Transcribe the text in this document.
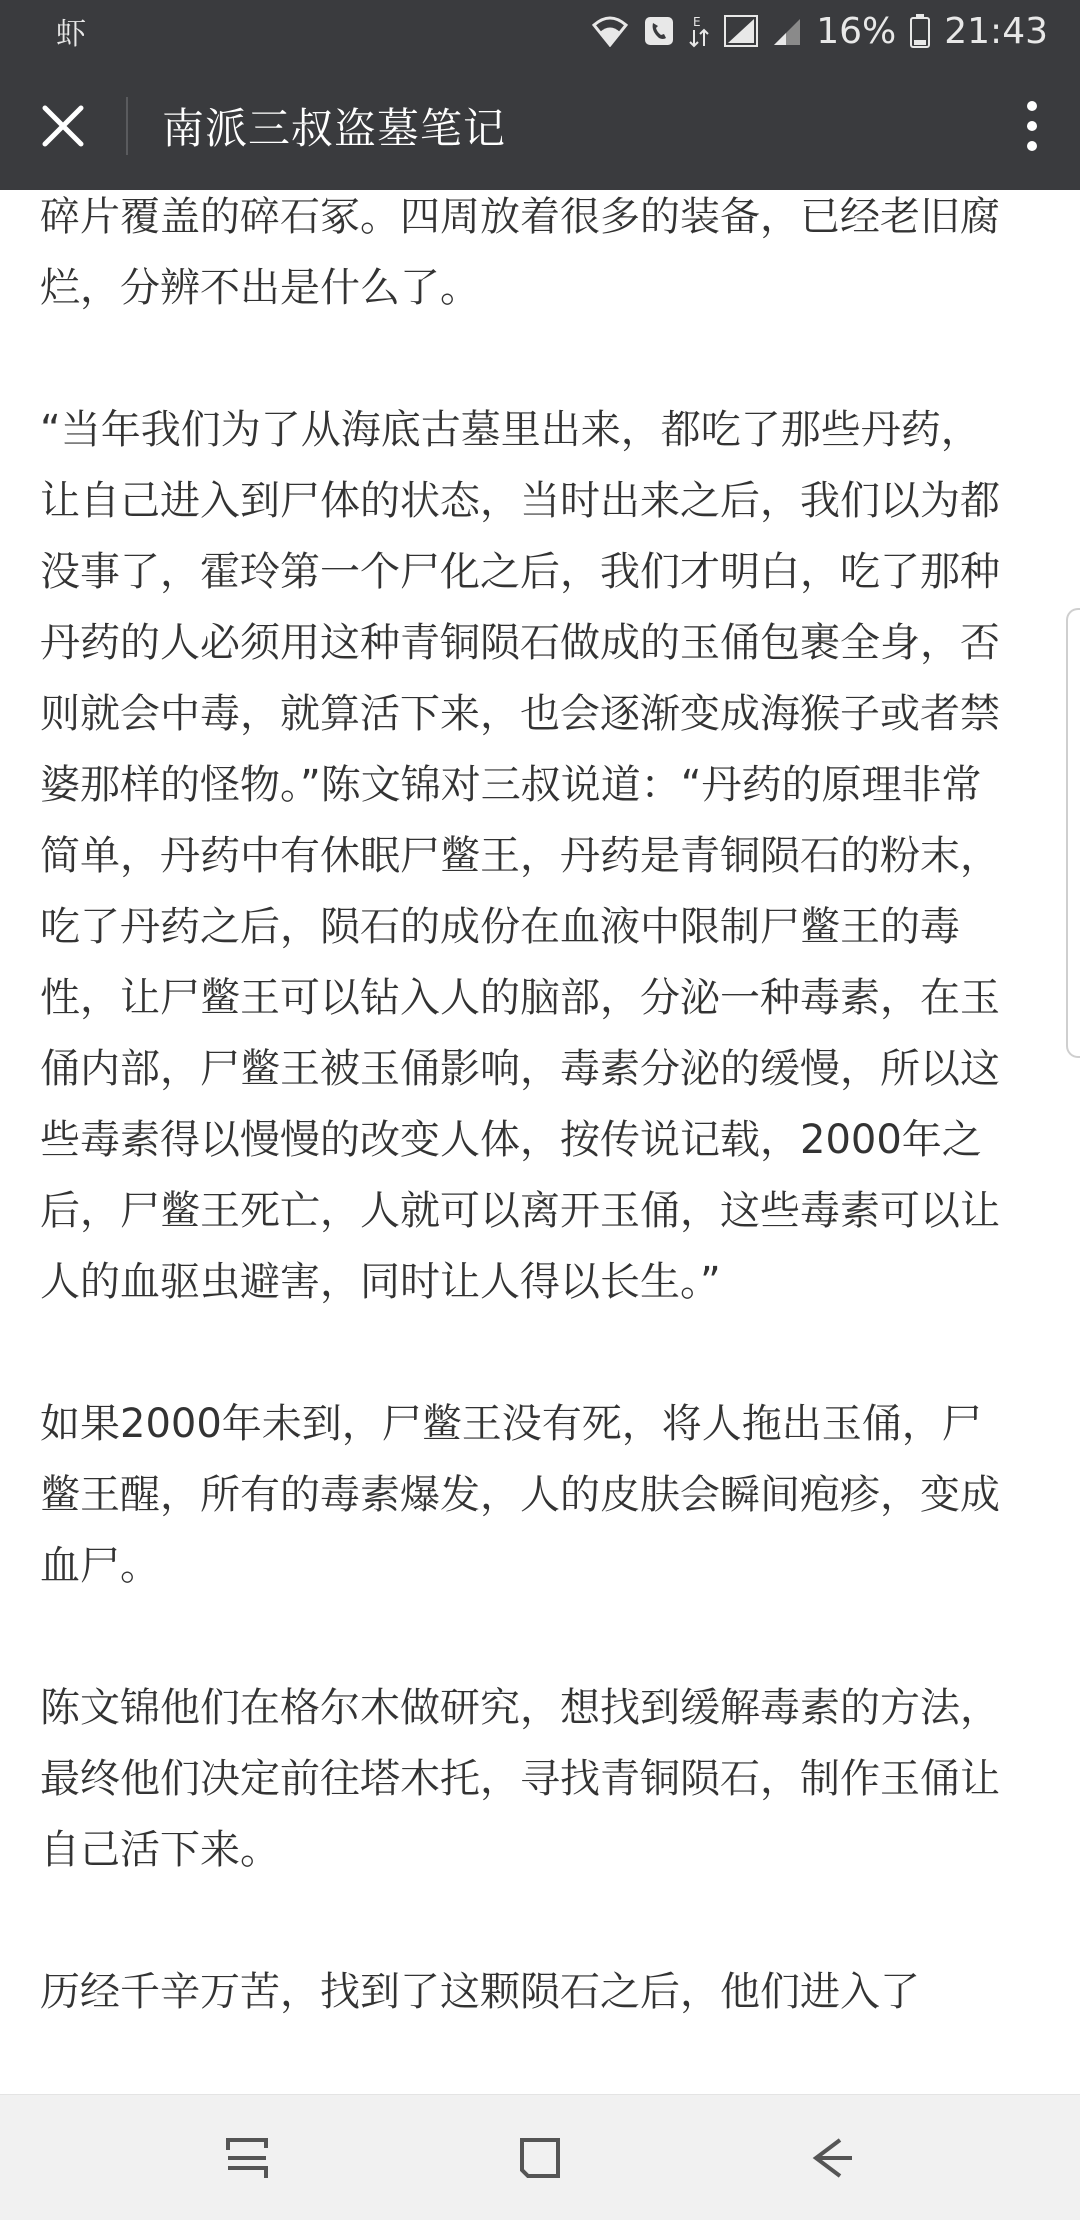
虾	E	16% 21:43
南派三叔盗墓笔记

碎片覆盖的碎石冢。四周放着很多的装备，已经老旧腐烂，分辨不出是什么了。

“当年我们为了从海底古墓里出来，都吃了那些丹药，让自己进入到尸体的状态，当时出来之后，我们以为都没事了，霍玲第一个尸化之后，我们才明白，吃了那种丹药的人必须用这种青铜陨石做成的玉俑包裹全身，否则就会中毒，就算活下来，也会逐渐变成海猴子或者禁婆那样的怪物。”陈文锦对三叔说道：“丹药的原理非常简单，丹药中有休眠尸鳖王，丹药是青铜陨石的粉末，吃了丹药之后，陨石的成份在血液中限制尸鳖王的毒性，让尸鳖王可以钻入人的脑部，分泌一种毒素，在玉俑内部，尸鳖王被玉俑影响，毒素分泌的缓慢，所以这些毒素得以慢慢的改变人体，按传说记载，2000年之后，尸鳖王死亡，人就可以离开玉俑，这些毒素可以让人的血驱虫避害，同时让人得以长生。”

如果2000年未到，尸鳖王没有死，将人拖出玉俑，尸鳖王醒，所有的毒素爆发，人的皮肤会瞬间疱疹，变成血尸。

陈文锦他们在格尔木做研究，想找到缓解毒素的方法，最终他们决定前往塔木托，寻找青铜陨石，制作玉俑让自己活下来。

历经千辛万苦，找到了这颗陨石之后，他们进入了
